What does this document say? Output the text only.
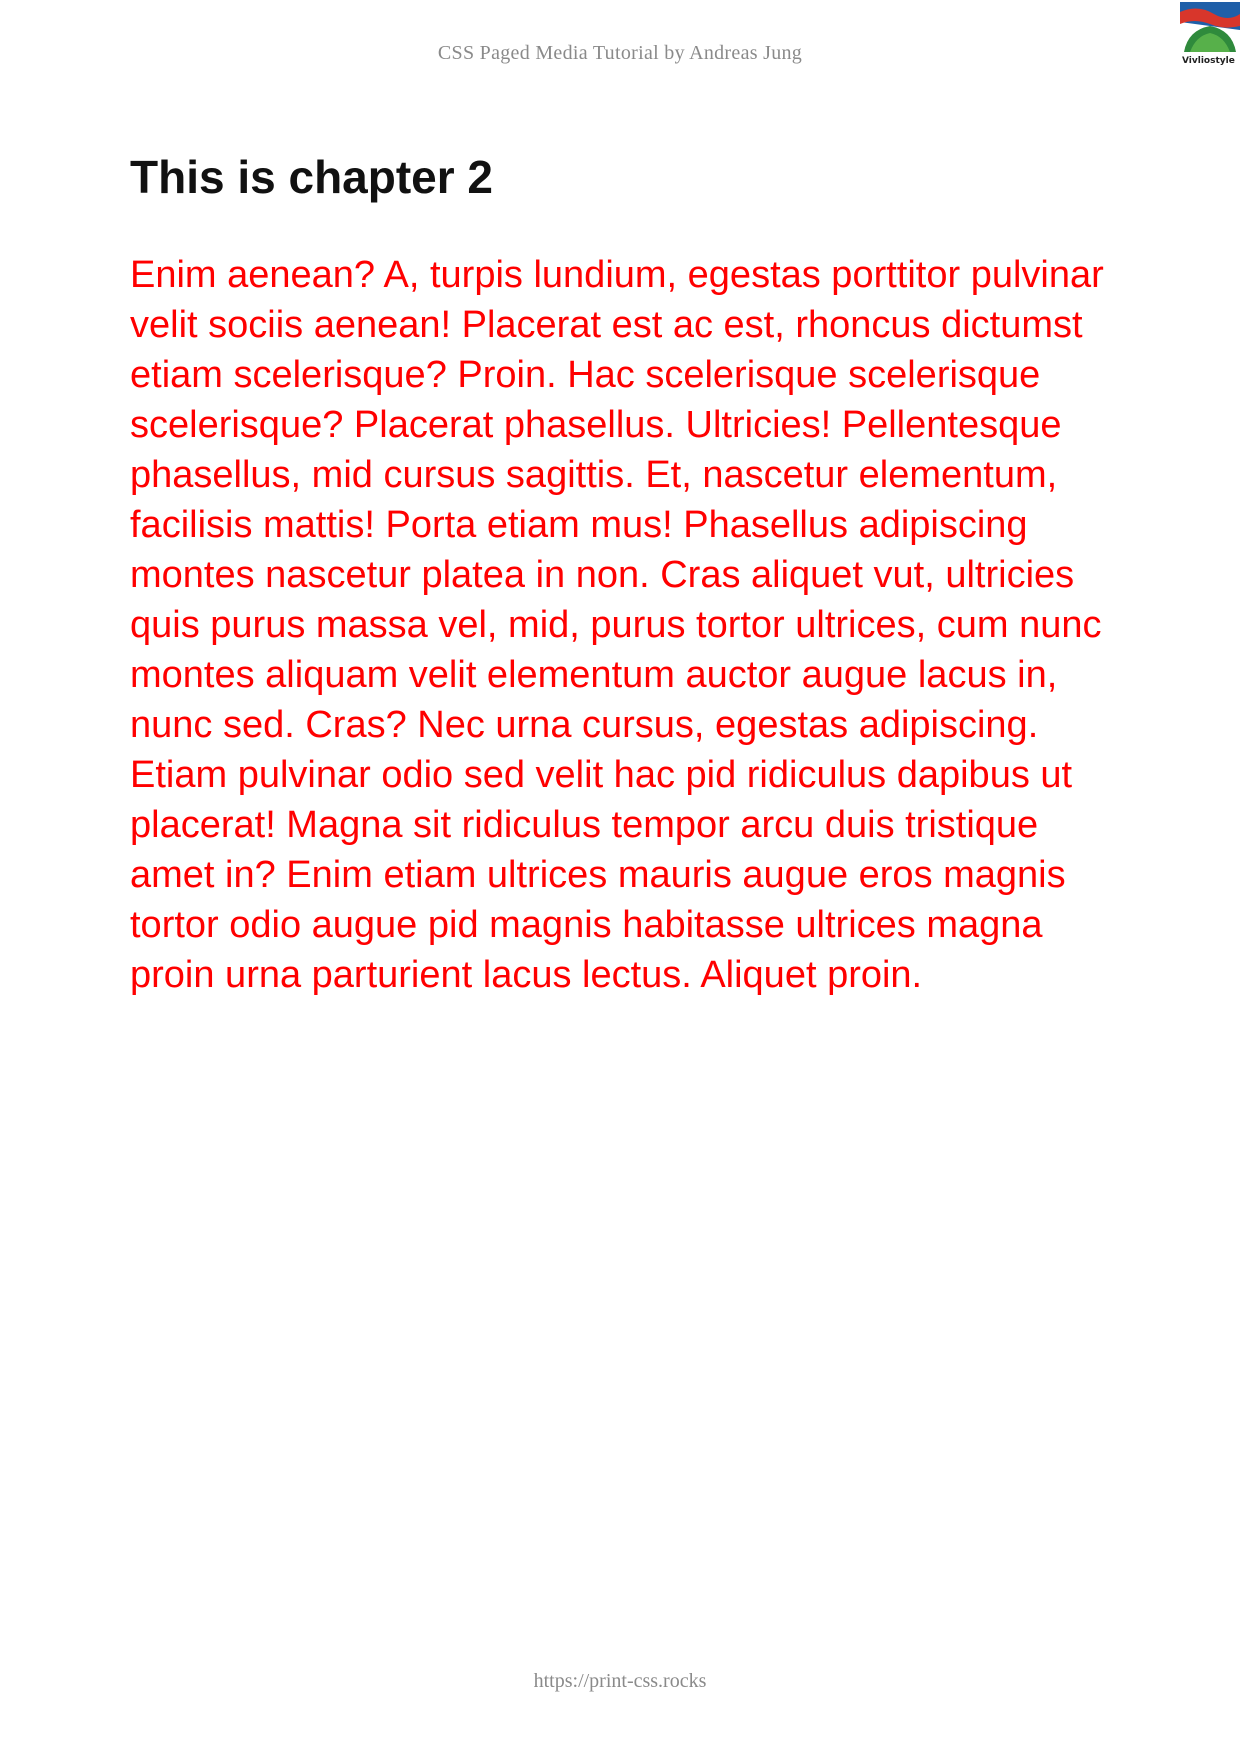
CSS Paged Media Tutorial by Andreas Jung	Vivliostyle
This is chapter 2

Enim aenean? A, turpis lundium, egestas porttitor pulvinar velit sociis aenean! Placerat est ac est, rhoncus dictumst etiam scelerisque? Proin. Hac scelerisque scelerisque scelerisque? Placerat phasellus. Ultricies! Pellentesque phasellus, mid cursus sagittis. Et, nascetur elementum, facilisis mattis! Porta etiam mus! Phasellus adipiscing montes nascetur platea in non. Cras aliquet vut, ultricies quis purus massa vel, mid, purus tortor ultrices, cum nunc montes aliquam velit elementum auctor augue lacus in, nunc sed. Cras? Nec urna cursus, egestas adipiscing. Etiam pulvinar odio sed velit hac pid ridiculus dapibus ut placerat! Magna sit ridiculus tempor arcu duis tristique amet in? Enim etiam ultrices mauris augue eros magnis tortor odio augue pid magnis habitasse ultrices magna proin urna parturient lacus lectus. Aliquet proin.

https://print-css.rocks
